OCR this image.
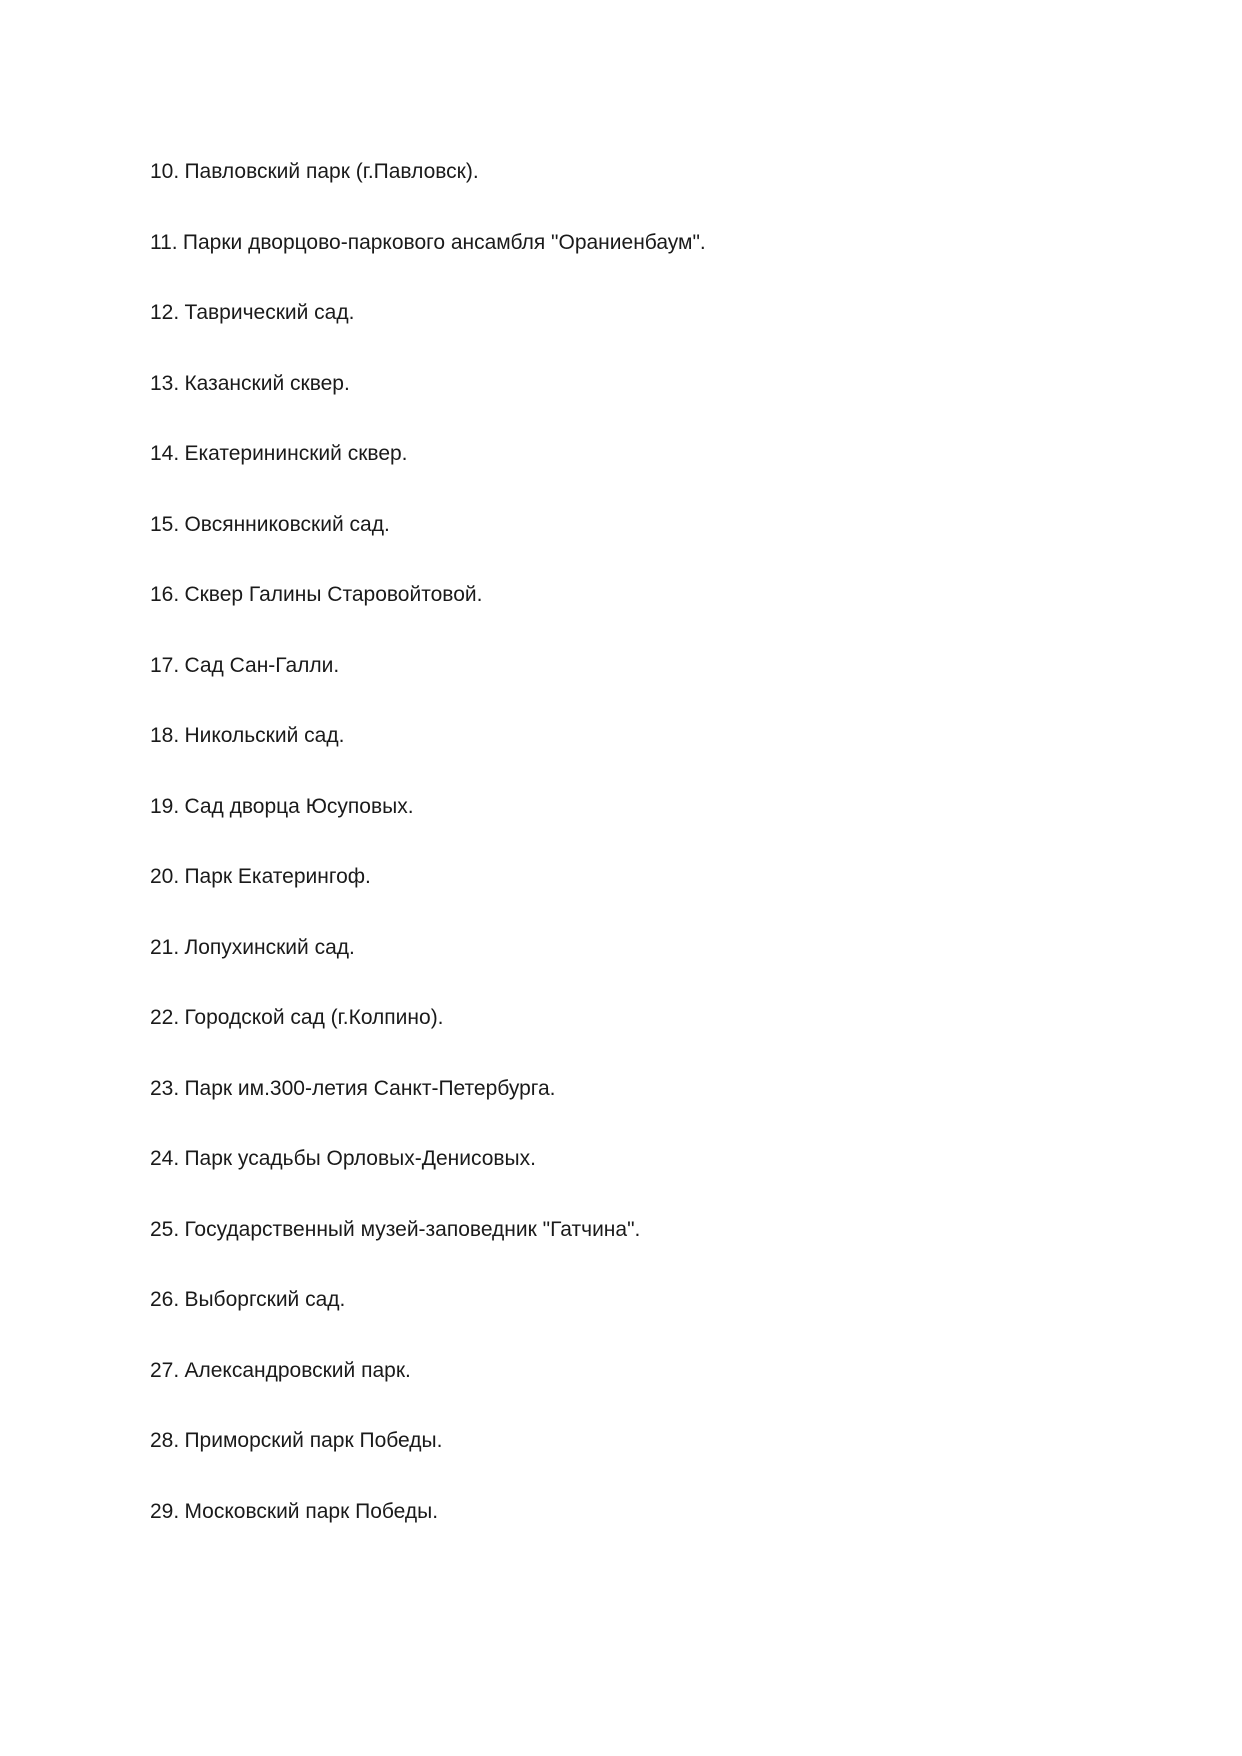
10. Павловский парк (г.Павловск).
11. Парки дворцово-паркового ансамбля "Ораниенбаум".
12. Таврический сад.
13. Казанский сквер.
14. Екатерининский сквер.
15. Овсянниковский сад.
16. Сквер Галины Старовойтовой.
17. Сад Сан-Галли.
18. Никольский сад.
19. Сад дворца Юсуповых.
20. Парк Екатерингоф.
21. Лопухинский сад.
22. Городской сад (г.Колпино).
23. Парк им.300-летия Санкт-Петербурга.
24. Парк усадьбы Орловых-Денисовых.
25. Государственный музей-заповедник "Гатчина".
26. Выборгский сад.
27. Александровский парк.
28. Приморский парк Победы.
29. Московский парк Победы.
